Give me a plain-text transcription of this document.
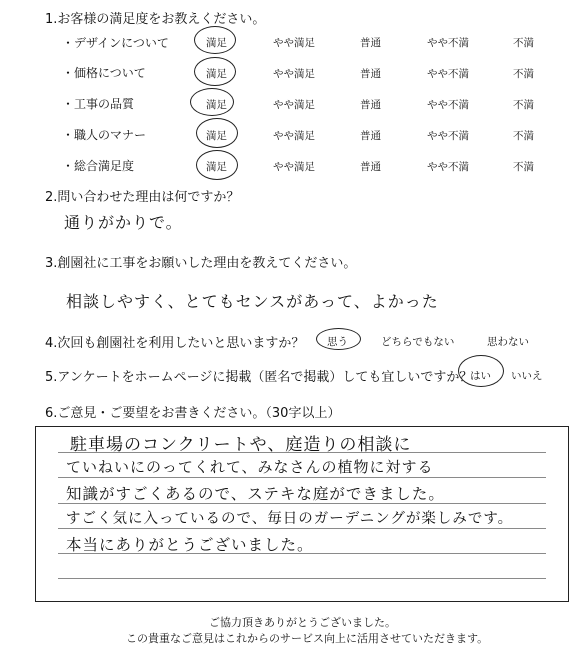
1.お客様の満足度をお教えください。
・デザインについて	満足	やや満足	普通	やや不満	不満
・価格について	満足	やや満足	普通	やや不満	不満
・工事の品質	満足	やや満足	普通	やや不満	不満
・職人のマナー	満足	やや満足	普通	やや不満	不満
・総合満足度	満足	やや満足	普通	やや不満	不満
2.問い合わせた理由は何ですか？
通りがかりで。
3.創園社に工事をお願いした理由を教えてください。
相談しやすく、とてもセンスがあって、よかった
4.次回も創園社を利用したいと思いますか？ 思う	どちらでもない	思わない
5.アンケートをホームページに掲載（匿名で掲載）しても宜しいですか？
はい いいえ
6.ご意見・ご要望をお書きください。（30字以上）
駐車場のコンクリートや、庭造りの相談に
ていねいにのってくれて、みなさんの植物に対する
知識がすごくあるので、ステキな庭ができました。
すごく気に入っているので、毎日のガーデニングが楽しみです。
本当にありがとうございました。
ご協力頂きありがとうございました。
この貴重なご意見はこれからのサービス向上に活用させていただきます。
